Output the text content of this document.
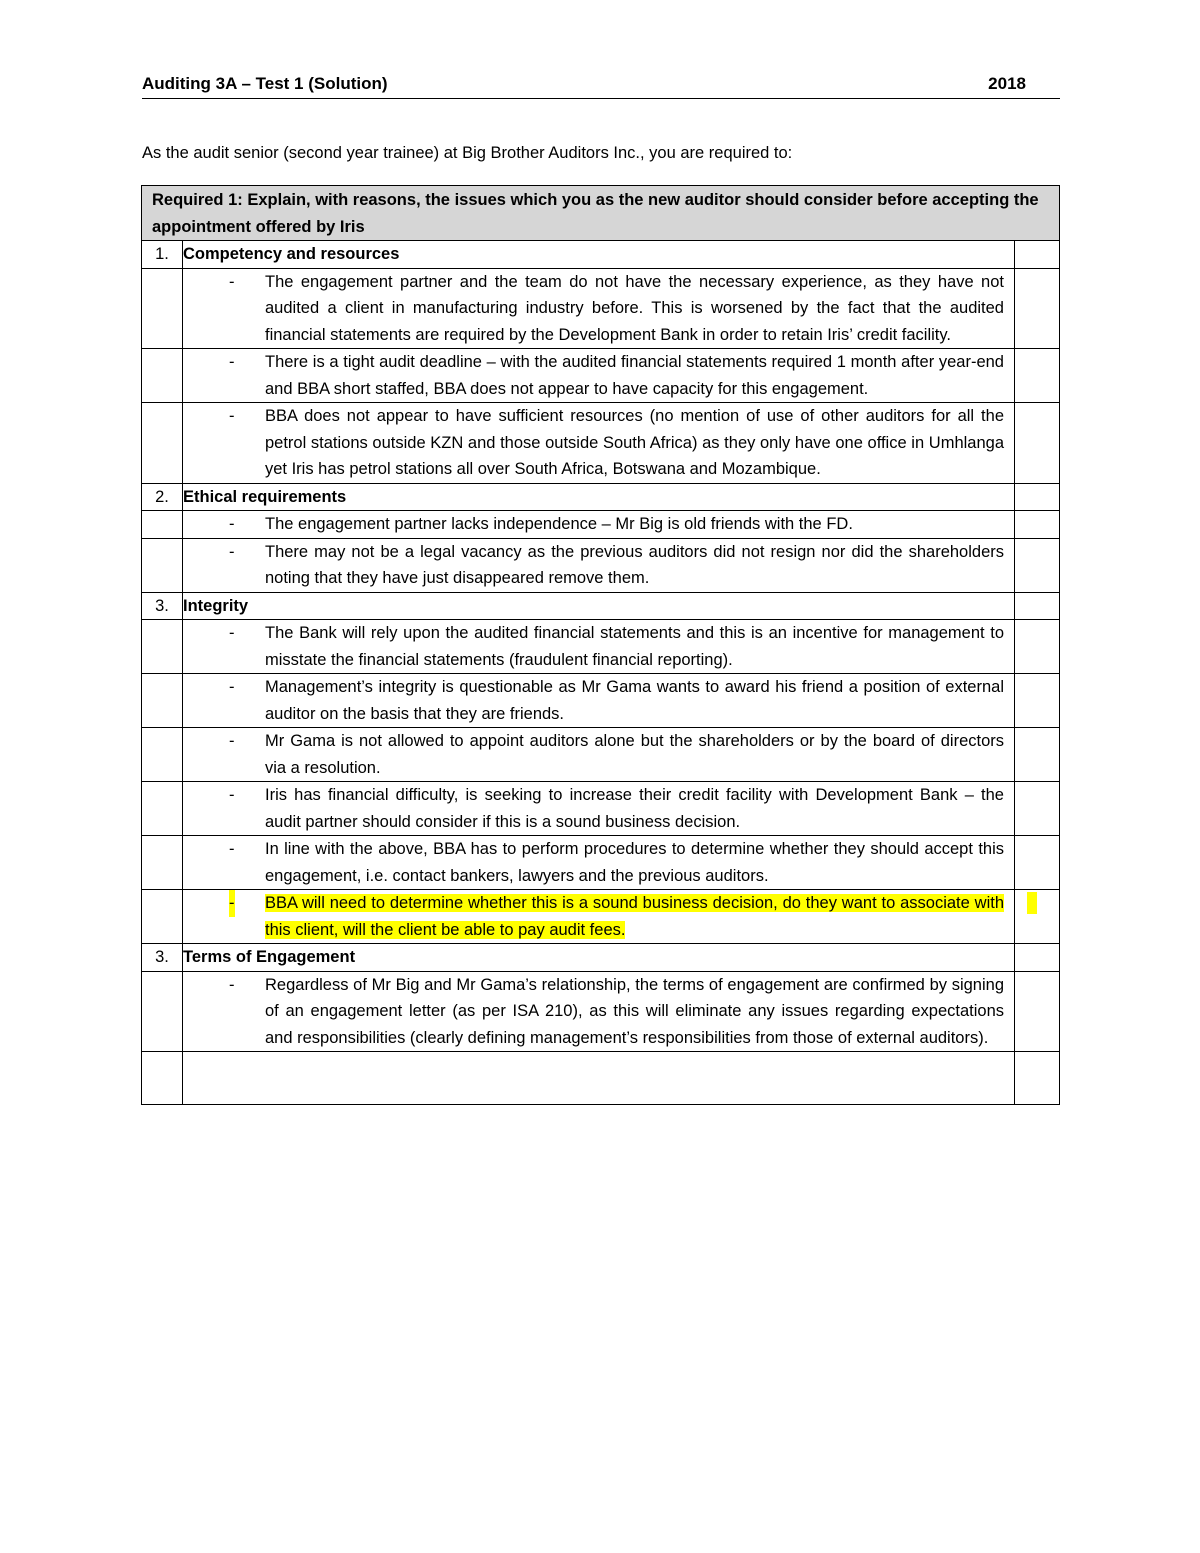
Auditing 3A – Test 1 (Solution)	2018
As the audit senior (second year trainee) at Big Brother Auditors Inc., you are required to:
Required 1: Explain, with reasons, the issues which you as the new auditor should consider before accepting the appointment offered by Iris		
1.	Competency and resources	

	- The engagement partner and the team do not have the necessary experience, as they have not audited a client in manufacturing industry before. This is worsened by the fact that the audited financial statements are required by the Development Bank in order to retain Iris’ credit facility.	

	- There is a tight audit deadline – with the audited financial statements required 1 month after year-end and BBA short staffed, BBA does not appear to have capacity for this engagement.	

	- BBA does not appear to have sufficient resources (no mention of use of other auditors for all the petrol stations outside KZN and those outside South Africa) as they only have one office in Umhlanga yet Iris has petrol stations all over South Africa, Botswana and Mozambique.	

2.	Ethical requirements	

	- The engagement partner lacks independence – Mr Big is old friends with the FD.	

	- There may not be a legal vacancy as the previous auditors did not resign nor did the shareholders noting that they have just disappeared remove them.	

3.	Integrity	

	- The Bank will rely upon the audited financial statements and this is an incentive for management to misstate the financial statements (fraudulent financial reporting).	

	- Management’s integrity is questionable as Mr Gama wants to award his friend a position of external auditor on the basis that they are friends.	

	- Mr Gama is not allowed to appoint auditors alone but the shareholders or by the board of directors via a resolution.	

	- Iris has financial difficulty, is seeking to increase their credit facility with Development Bank – the audit partner should consider if this is a sound business decision.	

	- In line with the above, BBA has to perform procedures to determine whether they should accept this engagement, i.e. contact bankers, lawyers and the previous auditors.	

	- BBA will need to determine whether this is a sound business decision, do they want to associate with this client, will the client be able to pay audit fees.	

3.	Terms of Engagement	

	- Regardless of Mr Big and Mr Gama’s relationship, the terms of engagement are confirmed by signing of an engagement letter (as per ISA 210), as this will eliminate any issues regarding expectations and responsibilities (clearly defining management’s responsibilities from those of external auditors).	
